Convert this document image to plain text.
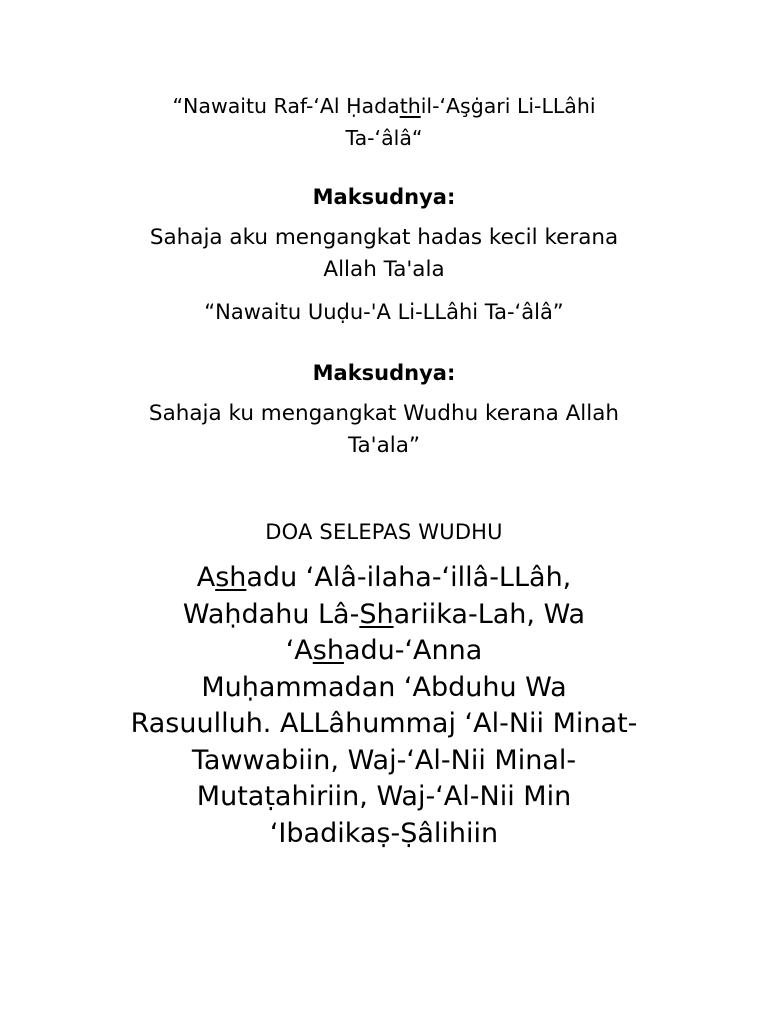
“Nawaitu Raf-‘Al Ḥadathil-‘Aşġari Li-LLâhi
Ta-‘âlâ“
Maksudnya:
Sahaja aku mengangkat hadas kecil kerana
Allah Ta'ala
“Nawaitu Uuḍu-'A Li-LLâhi Ta-‘âlâ”
Maksudnya:
Sahaja ku mengangkat Wudhu kerana Allah
Ta'ala”
DOA SELEPAS WUDHU
Ashadu ‘Alâ-ilaha-‘illâ-LLâh,
Waḥdahu Lâ-Shariika-Lah, Wa
‘Ashadu-‘Anna
Muḥammadan ‘Abduhu Wa
Rasuulluh. ALLâhummaj ‘Al-Nii Minat-
Tawwabiin, Waj-‘Al-Nii Minal-
Mutaṭahiriin, Waj-‘Al-Nii Min
‘Ibadikaṣ-Ṣâlihiin
